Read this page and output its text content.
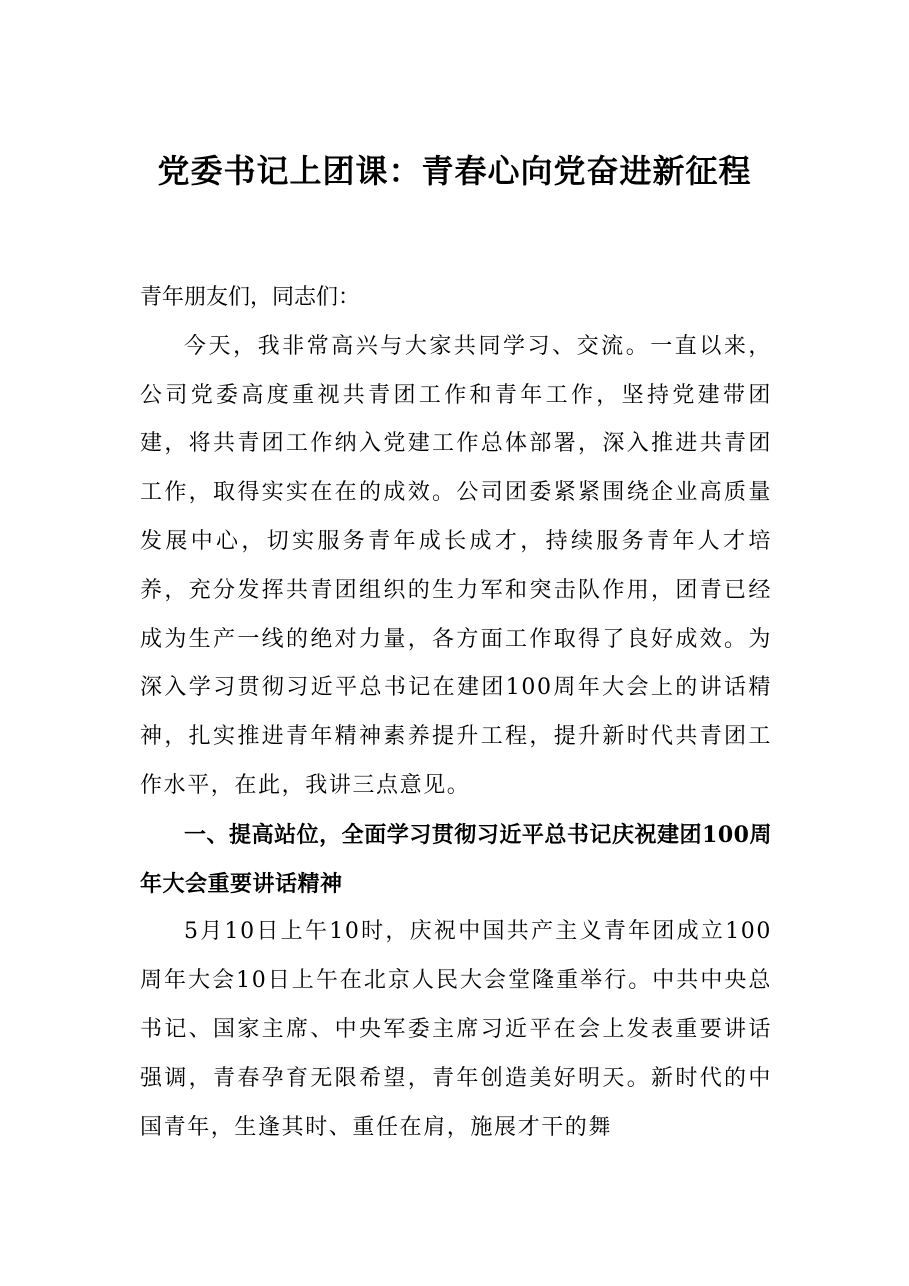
党委书记上团课：青春心向党奋进新征程

青年朋友们，同志们：

今天，我非常高兴与大家共同学习、交流。一直以来，公司党委高度重视共青团工作和青年工作，坚持党建带团建，将共青团工作纳入党建工作总体部署，深入推进共青团工作，取得实实在在的成效。公司团委紧紧围绕企业高质量发展中心，切实服务青年成长成才，持续服务青年人才培养，充分发挥共青团组织的生力军和突击队作用，团青已经成为生产一线的绝对力量，各方面工作取得了良好成效。为深入学习贯彻习近平总书记在建团100周年大会上的讲话精神，扎实推进青年精神素养提升工程，提升新时代共青团工作水平，在此，我讲三点意见。

一、提高站位，全面学习贯彻习近平总书记庆祝建团100周年大会重要讲话精神

5月10日上午10时，庆祝中国共产主义青年团成立100周年大会10日上午在北京人民大会堂隆重举行。中共中央总书记、国家主席、中央军委主席习近平在会上发表重要讲话强调，青春孕育无限希望，青年创造美好明天。新时代的中国青年，生逢其时、重任在肩，施展才干的舞
